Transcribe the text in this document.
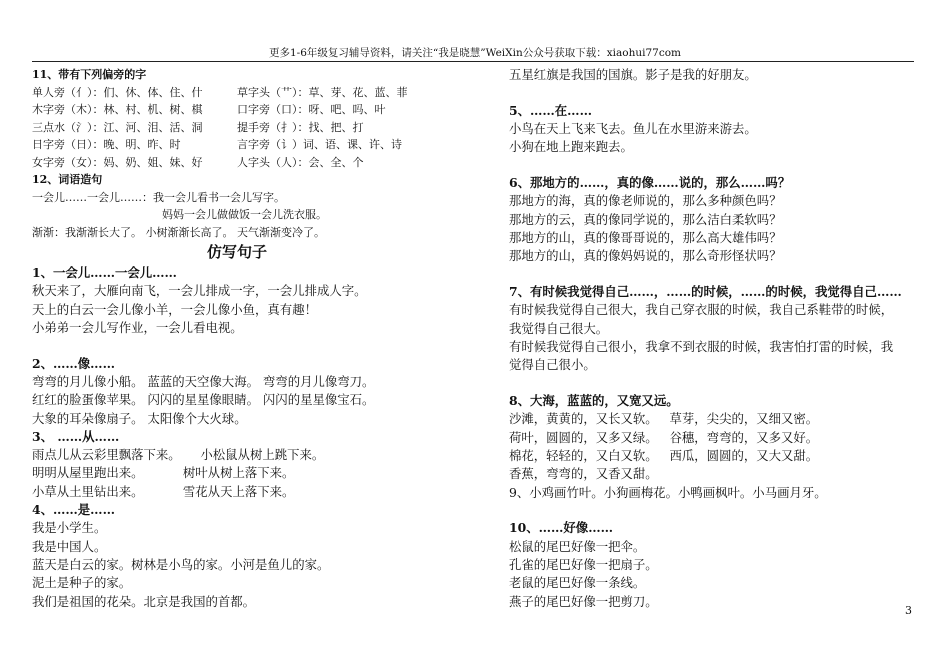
更多1-6年级复习辅导资料，请关注“我是晓慧”WeiXin公众号获取下载：xiaohui77com
11、带有下列偏旁的字
单人旁（亻）：们、休、体、住、什	草字头（艹）：草、芽、花、蓝、菲
木字旁（木）：林、村、机、树、棋	口字旁（口）：呀、吧、吗、叶
三点水（氵）：江、河、泪、活、洞	提手旁（扌）：找、把、打
日字旁（日）：晚、明、昨、时	言字旁（讠）词、语、课、许、诗
女字旁（女）：妈、奶、姐、妹、好	人字头（人）：会、全、个
12、词语造句
一会儿……一会儿……：我一会儿看书一会儿写字。
妈妈一会儿做做饭一会儿洗衣服。
渐渐：我渐渐长大了。 小树渐渐长高了。 天气渐渐变冷了。
仿写句子
1、一会儿……一会儿……
秋天来了，大雁向南飞，一会儿排成一字，一会儿排成人字。
天上的白云一会儿像小羊，一会儿像小鱼，真有趣！
小弟弟一会儿写作业，一会儿看电视。
2、……像……
弯弯的月儿像小船。 蓝蓝的天空像大海。 弯弯的月儿像弯刀。
红红的脸蛋像苹果。 闪闪的星星像眼睛。 闪闪的星星像宝石。
大象的耳朵像扇子。 太阳像个大火球。
3、 ……从……
雨点儿从云彩里飘落下来。     小松鼠从树上跳下来。
明明从屋里跑出来。          树叶从树上落下来。
小草从土里钻出来。          雪花从天上落下来。
4、……是……
我是小学生。
我是中国人。
蓝天是白云的家。树林是小鸟的家。小河是鱼儿的家。
泥土是种子的家。
我们是祖国的花朵。北京是我国的首都。
五星红旗是我国的国旗。影子是我的好朋友。
5、……在……
小鸟在天上飞来飞去。鱼儿在水里游来游去。
小狗在地上跑来跑去。
6、那地方的……，真的像……说的，那么……吗？
那地方的海，真的像老师说的，那么多种颜色吗？
那地方的云，真的像同学说的，那么洁白柔软吗？
那地方的山，真的像哥哥说的，那么高大雄伟吗？
那地方的山，真的像妈妈说的，那么奇形怪状吗？
7、有时候我觉得自己……，……的时候，……的时候，我觉得自己……
有时候我觉得自己很大，我自己穿衣服的时候，我自己系鞋带的时候，
我觉得自己很大。
有时候我觉得自己很小，我拿不到衣服的时候，我害怕打雷的时候，我
觉得自己很小。
8、大海，蓝蓝的，又宽又远。
沙滩，黄黄的，又长又软。   草芽，尖尖的，又细又密。
荷叶，圆圆的，又多又绿。   谷穗，弯弯的，又多又好。
棉花，轻轻的，又白又软。   西瓜，圆圆的，又大又甜。
香蕉，弯弯的，又香又甜。
9、小鸡画竹叶。小狗画梅花。小鸭画枫叶。小马画月牙。
10、……好像……
松鼠的尾巴好像一把伞。
孔雀的尾巴好像一把扇子。
老鼠的尾巴好像一条线。
燕子的尾巴好像一把剪刀。
3
